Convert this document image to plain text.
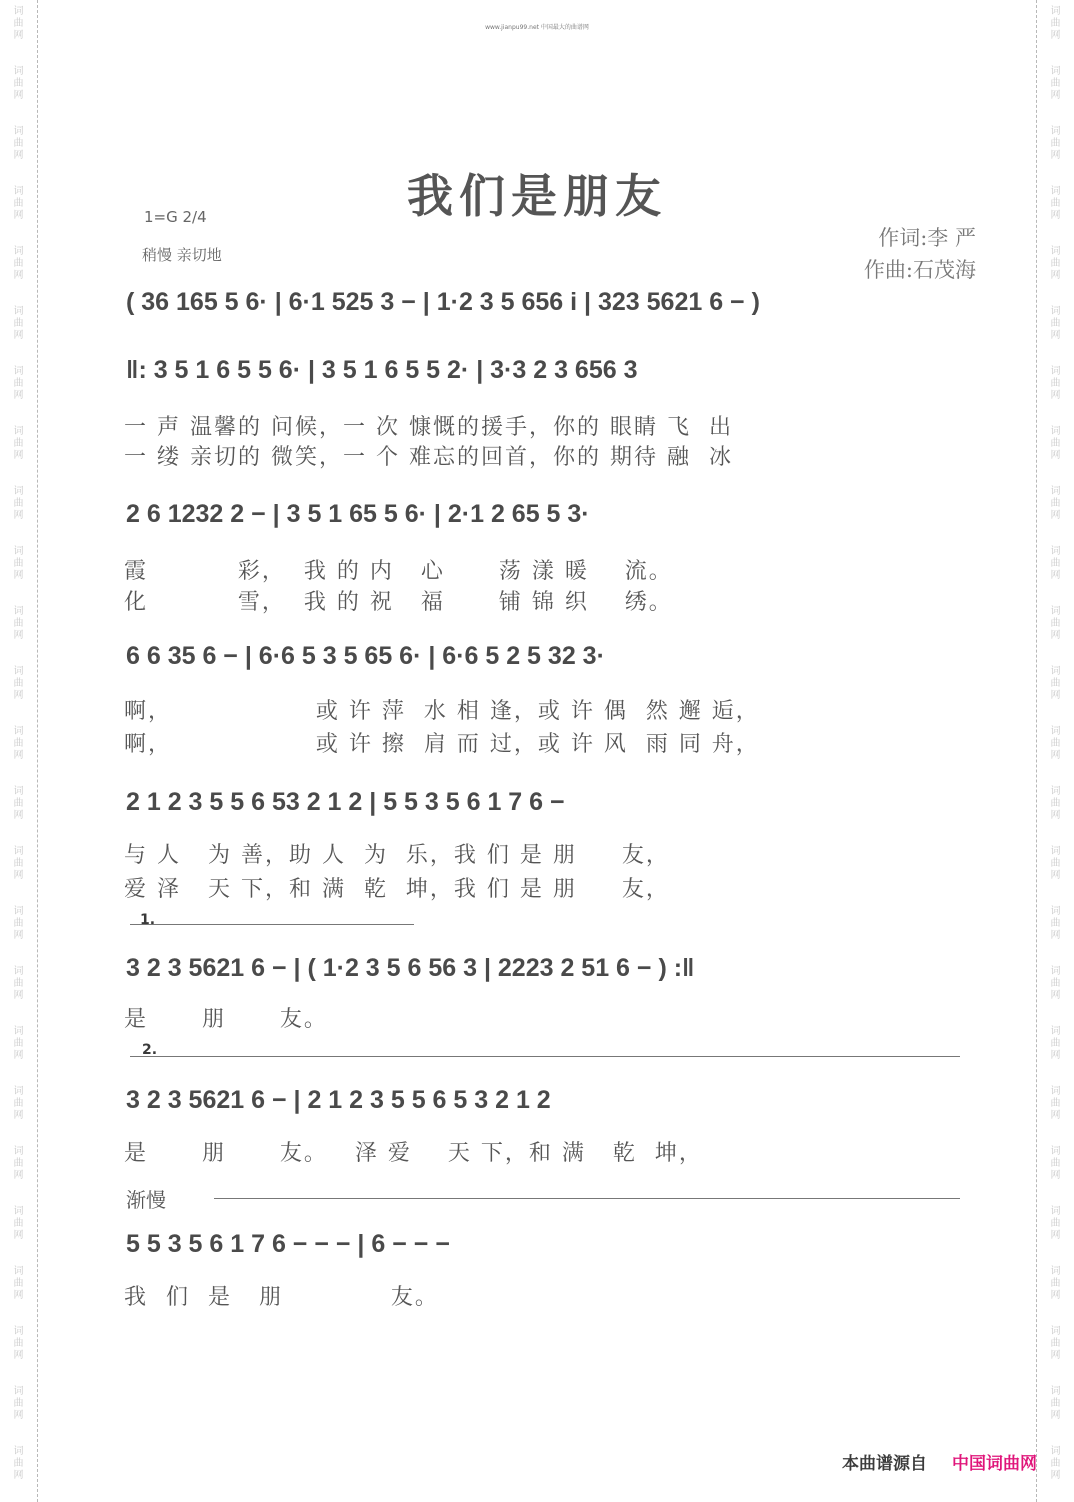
词曲网
词曲网
词曲网
词曲网
词曲网
词曲网
词曲网
词曲网
词曲网
词曲网
词曲网
词曲网
词曲网
词曲网
词曲网
词曲网
词曲网
词曲网
词曲网
词曲网
词曲网
词曲网
词曲网
词曲网
词曲网
词曲网
词曲网
词曲网
词曲网
词曲网
词曲网
词曲网
词曲网
词曲网
词曲网
词曲网
词曲网
词曲网
词曲网
词曲网
词曲网
词曲网
词曲网
词曲网
词曲网
词曲网
词曲网
词曲网
词曲网
词曲网
www.jianpu99.net 中国最大的曲谱网
我们是朋友
1=G 2/4
稍慢 亲切地
作词:李 严
作曲:石茂海
( 36 165 5 6· | 6·1 525 3 − | 1·2 3 5 656 i | 323 5621 6 − )
‖: 3 5 1 6 5 5 6· | 3 5 1 6 5 5 2· | 3·3 2 3 656 3
一 声 温馨的 问候，一 次 慷慨的援手，你的 眼睛 飞  出
一 缕 亲切的 微笑，一 个 难忘的回首，你的 期待 融  冰
2 6 1232 2 − | 3 5 1 65 5 6· | 2·1 2 65 5 3·
霞          彩，  我 的 内   心      荡 漾 暖    流。
化          雪，  我 的 祝   福      铺 锦 织    绣。
6 6 35 6 − | 6·6 5 3 5 65 6· | 6·6 5 2 5 32 3·
啊，                或 许 萍  水 相 逢，或 许 偶  然 邂 逅，
啊，                或 许 擦  肩 而 过，或 许 风  雨 同 舟，
2 1 2 3 5 5 6 53 2 1 2 | 5 5 3 5 6 1 7 6 −
与 人   为 善，助 人  为  乐，我 们 是 朋     友，
爱 泽   天 下，和 满  乾  坤，我 们 是 朋     友，
1.
3 2 3 5621 6 − | ( 1·2 3 5 6 56 3 | 2223 2 51 6 − ) :‖
是      朋      友。
2.
3 2 3 5621 6 − | 2 1 2 3 5 5 6 5 3 2 1 2
是      朋      友。   泽 爱    天 下，和 满   乾  坤，
渐慢
5 5 3 5 6 1 7 6 − − − | 6 − − −
我  们  是   朋            友。
本曲谱源自 中国词曲网
